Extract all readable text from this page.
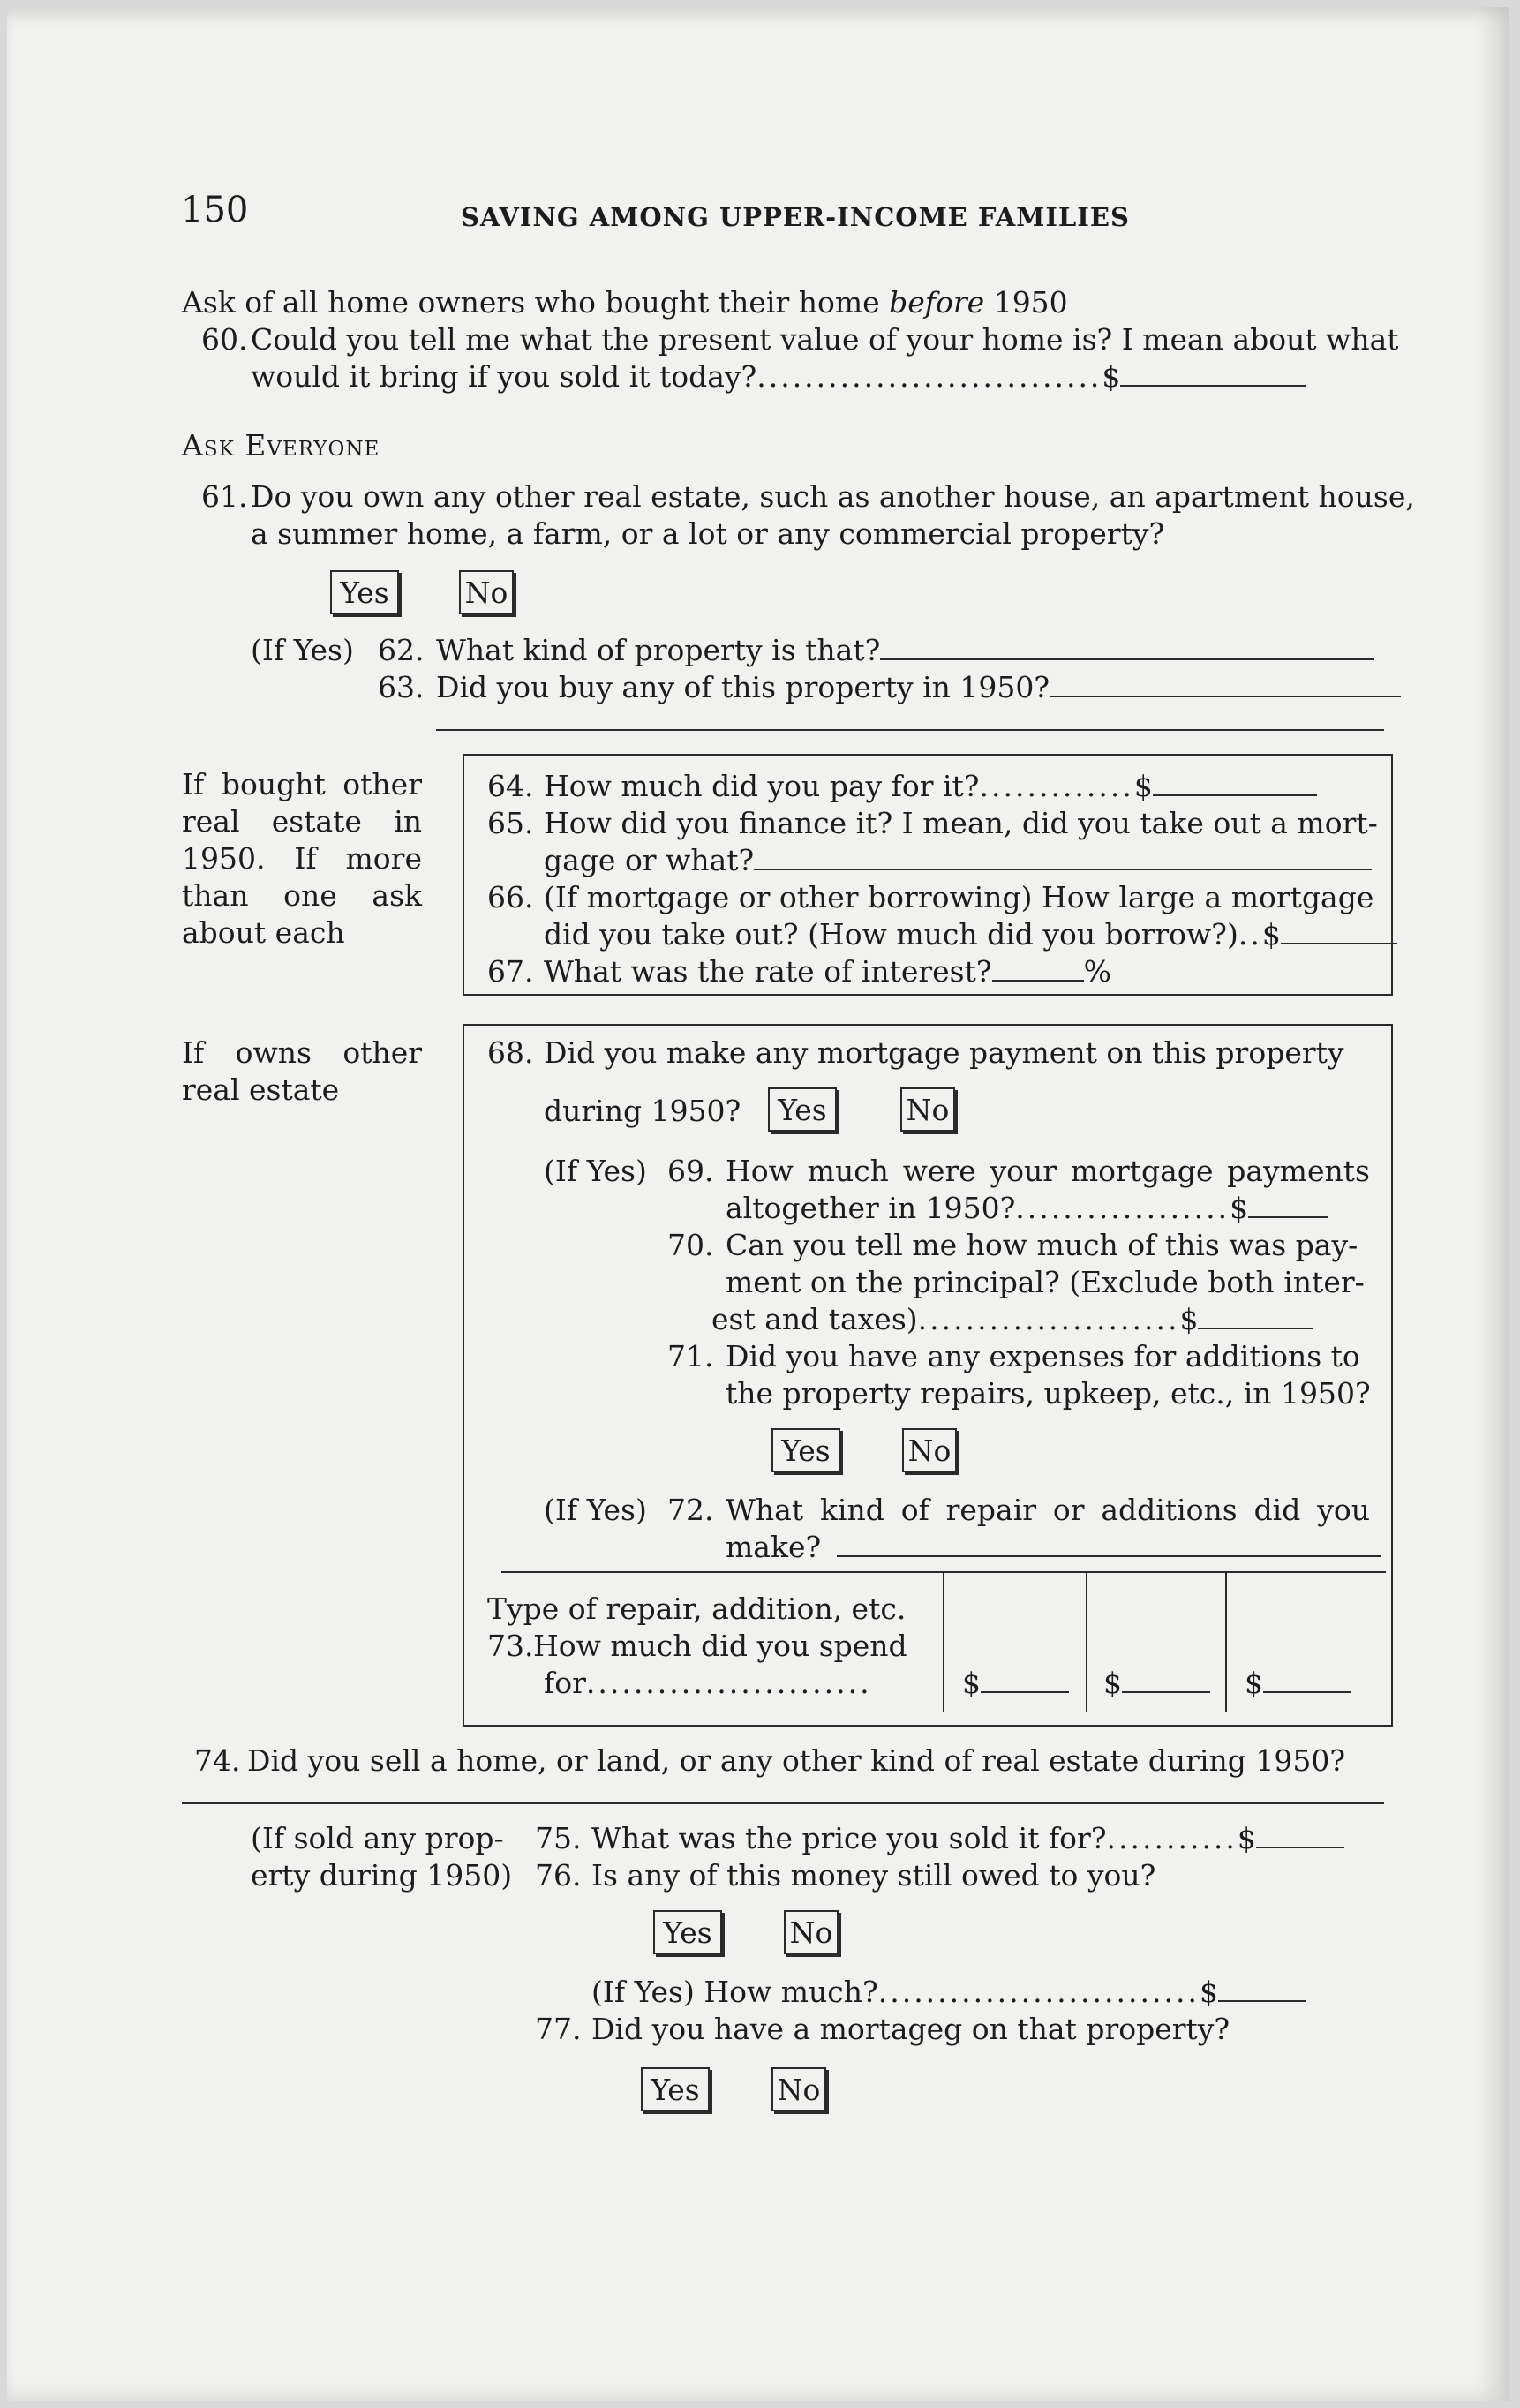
150	SAVING AMONG UPPER-INCOME FAMILIES
Ask of all home owners who bought their home before 1950
60. Could you tell me what the present value of your home is? I mean about what
would it bring if you sold it today?.............................$
Ask Everyone
61. Do you own any other real estate, such as another house, an apartment house,
a summer home, a farm, or a lot or any commercial property?
Yes	No
(If Yes) 62. What kind of property is that?
63. Did you buy any of this property in 1950?
If bought other
real estate in
1950. If more
than one ask
about each
64. How much did you pay for it?.............$
65. How did you finance it? I mean, did you take out a mort-
gage or what?
66. (If mortgage or other borrowing) How large a mortgage
did you take out? (How much did you borrow?)..$
67. What was the rate of interest?	%
If owns other
real estate
68. Did you make any mortgage payment on this property
during 1950?	Yes	No
(If Yes) 69. How much were your mortgage payments
altogether in 1950?..................$
70. Can you tell me how much of this was pay-
ment on the principal? (Exclude both inter-
est and taxes)......................$
71. Did you have any expenses for additions to
the property repairs, upkeep, etc., in 1950?
Yes	No
(If Yes) 72. What kind of repair or additions did you
make?
Type of repair, addition, etc.
73. How much did you spend
for........................	$	$	$
74. Did you sell a home, or land, or any other kind of real estate during 1950?
(If sold any prop-
erty during 1950)
75. What was the price you sold it for?...........$
76. Is any of this money still owed to you?
Yes	No
(If Yes) How much?...........................$
77. Did you have a mortageg on that property?
Yes	No
